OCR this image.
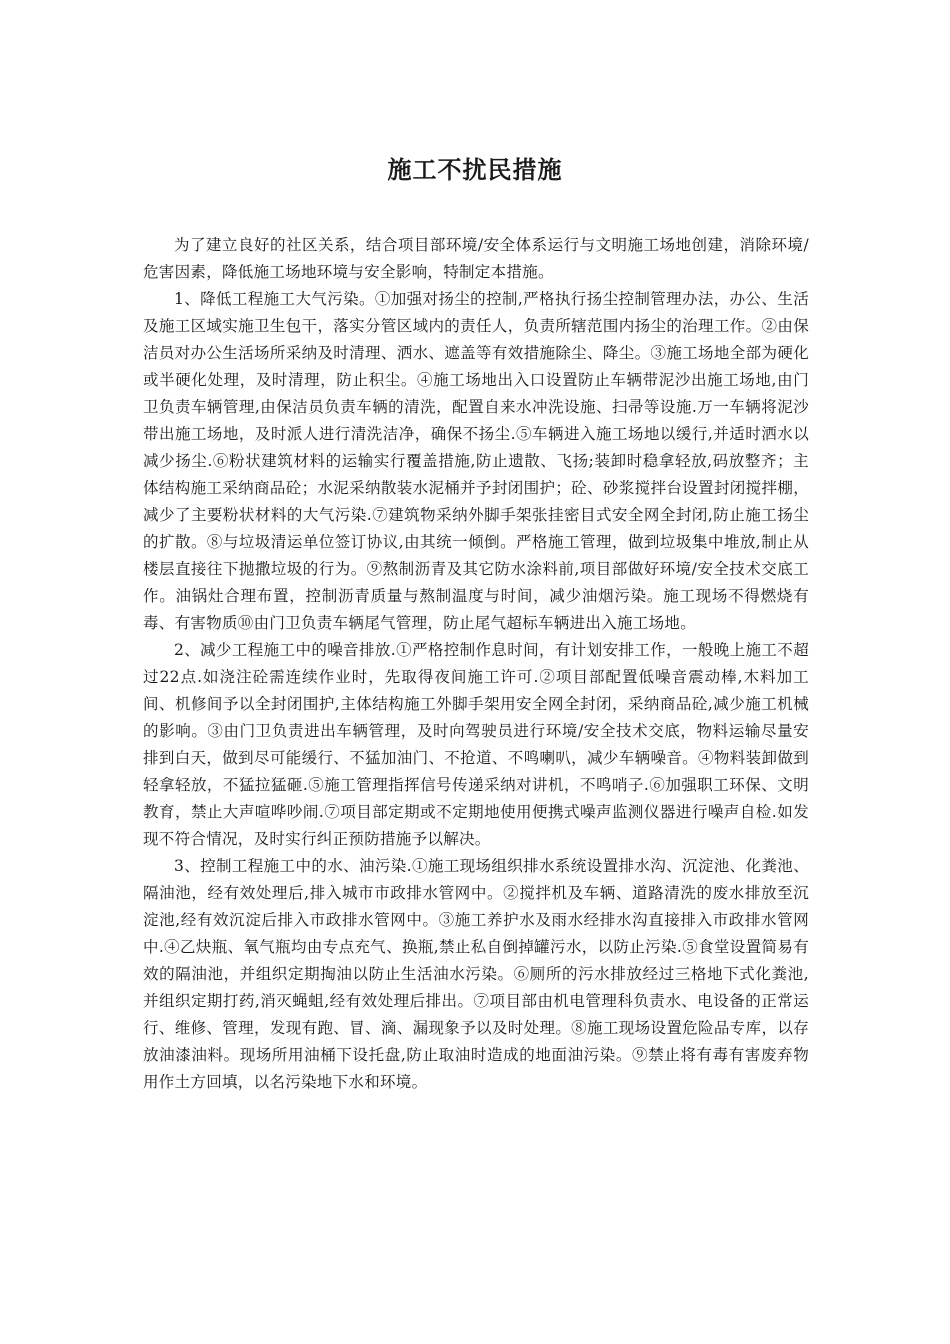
施工不扰民措施

为了建立良好的社区关系，结合项目部环境/安全体系运行与文明施工场地创建，消除环境/危害因素，降低施工场地环境与安全影响，特制定本措施。

1、降低工程施工大气污染。①加强对扬尘的控制,严格执行扬尘控制管理办法，办公、生活及施工区域实施卫生包干，落实分管区域内的责任人，负责所辖范围内扬尘的治理工作。②由保洁员对办公生活场所采纳及时清理、洒水、遮盖等有效措施除尘、降尘。③施工场地全部为硬化或半硬化处理，及时清理，防止积尘。④施工场地出入口设置防止车辆带泥沙出施工场地,由门卫负责车辆管理,由保洁员负责车辆的清洗，配置自来水冲洗设施、扫帚等设施.万一车辆将泥沙带出施工场地，及时派人进行清洗洁净，确保不扬尘.⑤车辆进入施工场地以缓行,并适时洒水以减少扬尘.⑥粉状建筑材料的运输实行覆盖措施,防止遗散、飞扬;装卸时稳拿轻放,码放整齐；主体结构施工采纳商品砼；水泥采纳散装水泥桶并予封闭围护；砼、砂浆搅拌台设置封闭搅拌棚，减少了主要粉状材料的大气污染.⑦建筑物采纳外脚手架张挂密目式安全网全封闭,防止施工扬尘的扩散。⑧与垃圾清运单位签订协议,由其统一倾倒。严格施工管理，做到垃圾集中堆放,制止从楼层直接往下抛撒垃圾的行为。⑨熬制沥青及其它防水涂料前,项目部做好环境/安全技术交底工作。油锅灶合理布置，控制沥青质量与熬制温度与时间，减少油烟污染。施工现场不得燃烧有毒、有害物质⑩由门卫负责车辆尾气管理，防止尾气超标车辆进出入施工场地。

2、减少工程施工中的噪音排放.①严格控制作息时间，有计划安排工作，一般晚上施工不超过22点.如浇注砼需连续作业时，先取得夜间施工许可.②项目部配置低噪音震动棒,木料加工间、机修间予以全封闭围护,主体结构施工外脚手架用安全网全封闭，采纳商品砼,减少施工机械的影响。③由门卫负责进出车辆管理，及时向驾驶员进行环境/安全技术交底，物料运输尽量安排到白天，做到尽可能缓行、不猛加油门、不抢道、不鸣喇叭，减少车辆噪音。④物料装卸做到轻拿轻放，不猛拉猛砸.⑤施工管理指挥信号传递采纳对讲机，不鸣哨子.⑥加强职工环保、文明教育，禁止大声喧哗吵闹.⑦项目部定期或不定期地使用便携式噪声监测仪器进行噪声自检.如发现不符合情况，及时实行纠正预防措施予以解决。

3、控制工程施工中的水、油污染.①施工现场组织排水系统设置排水沟、沉淀池、化粪池、隔油池，经有效处理后,排入城市市政排水管网中。②搅拌机及车辆、道路清洗的废水排放至沉淀池,经有效沉淀后排入市政排水管网中。③施工养护水及雨水经排水沟直接排入市政排水管网中.④乙炔瓶、氧气瓶均由专点充气、换瓶,禁止私自倒掉罐污水，以防止污染.⑤食堂设置简易有效的隔油池，并组织定期掏油以防止生活油水污染。⑥厕所的污水排放经过三格地下式化粪池,并组织定期打药,消灭蝇蛆,经有效处理后排出。⑦项目部由机电管理科负责水、电设备的正常运行、维修、管理，发现有跑、冒、滴、漏现象予以及时处理。⑧施工现场设置危险品专库，以存放油漆油料。现场所用油桶下设托盘,防止取油时造成的地面油污染。⑨禁止将有毒有害废弃物用作土方回填，以名污染地下水和环境。
